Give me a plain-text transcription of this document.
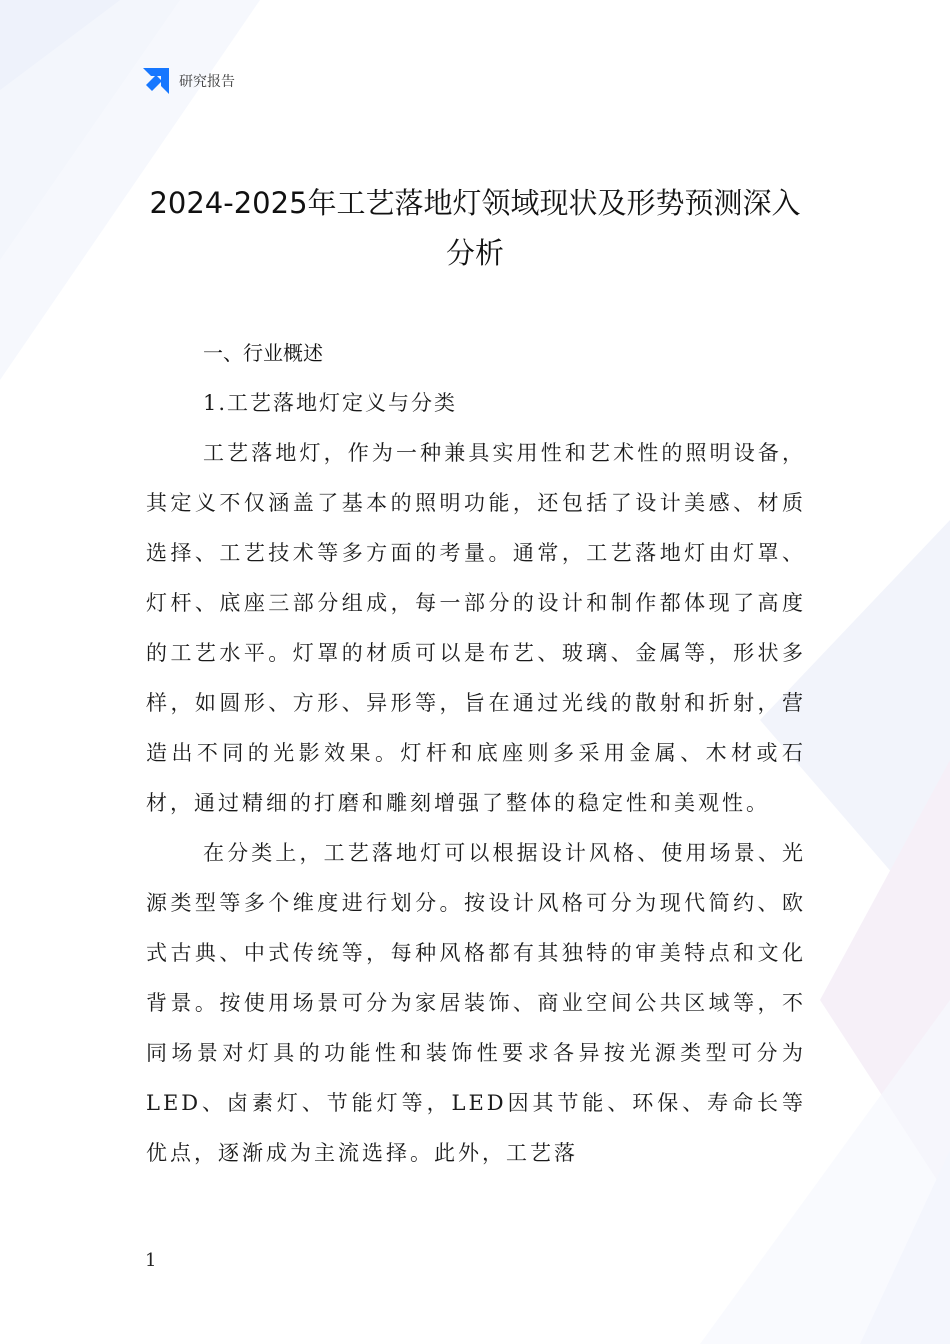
研究报告
2024-2025年工艺落地灯领域现状及形势预测深入分析
一、行业概述
1.工艺落地灯定义与分类

工艺落地灯，作为一种兼具实用性和艺术性的照明设备，其定义不仅涵盖了基本的照明功能，还包括了设计美感、材质选择、工艺技术等多方面的考量。通常，工艺落地灯由灯罩、灯杆、底座三部分组成，每一部分的设计和制作都体现了高度的工艺水平。灯罩的材质可以是布艺、玻璃、金属等，形状多样，如圆形、方形、异形等，旨在通过光线的散射和折射，营造出不同的光影效果。灯杆和底座则多采用金属、木材或石材，通过精细的打磨和雕刻增强了整体的稳定性和美观性。

在分类上，工艺落地灯可以根据设计风格、使用场景、光源类型等多个维度进行划分。按设计风格可分为现代简约、欧式古典、中式传统等，每种风格都有其独特的审美特点和文化背景。按使用场景可分为家居装饰、商业空间公共区域等，不同场景对灯具的功能性和装饰性要求各异按光源类型可分为LED、卤素灯、节能灯等，LED因其节能、环保、寿命长等优点，逐渐成为主流选择。此外，工艺落

1
